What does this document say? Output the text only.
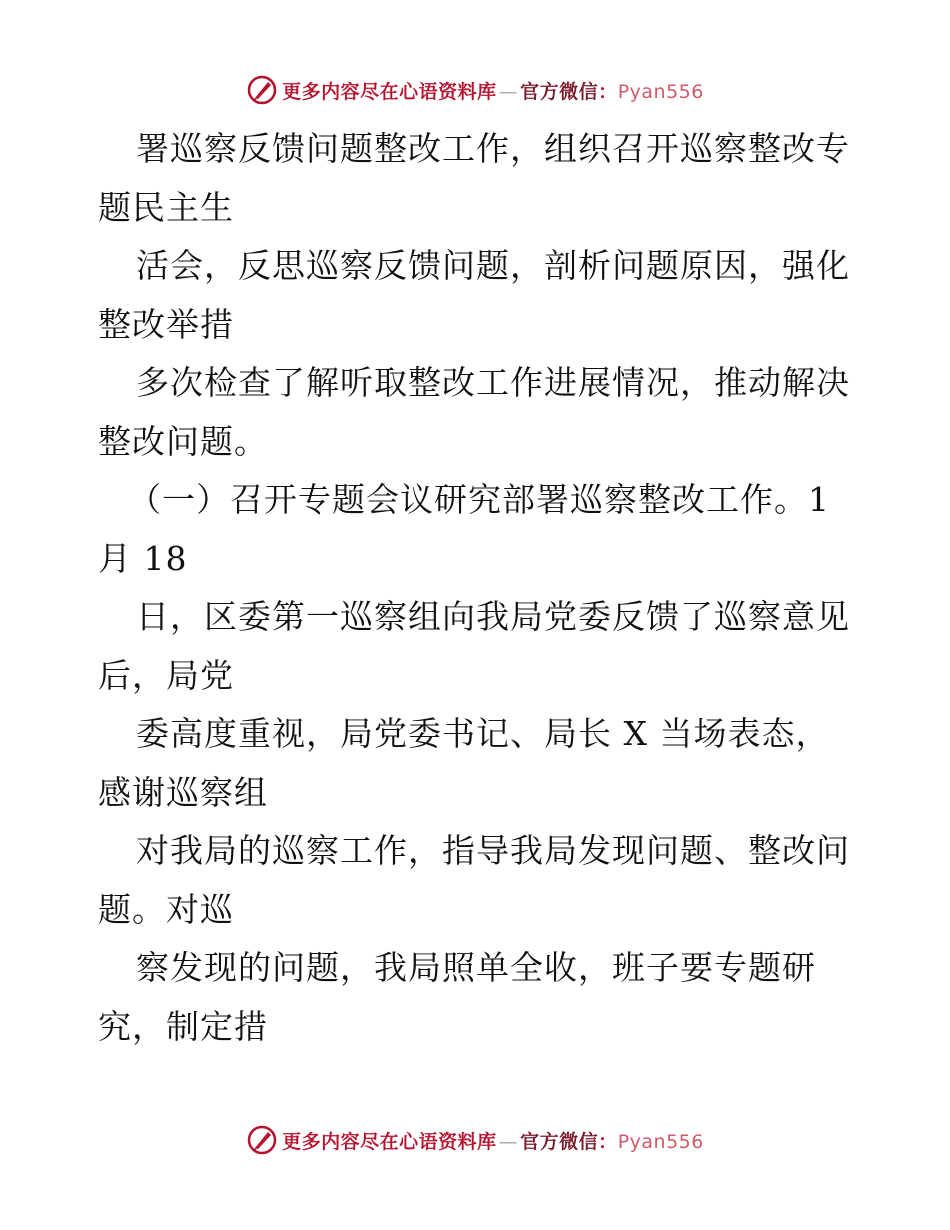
更多内容尽在心语资料库 — 官方微信：Pyan556
署巡察反馈问题整改工作，组织召开巡察整改专
题民主生
活会，反思巡察反馈问题，剖析问题原因，强化
整改举措
多次检查了解听取整改工作进展情况，推动解决
整改问题。
（一）召开专题会议研究部署巡察整改工作。1
月 18
日，区委第一巡察组向我局党委反馈了巡察意见
后，局党
委高度重视，局党委书记、局长 X 当场表态，
感谢巡察组
对我局的巡察工作，指导我局发现问题、整改问
题。对巡
察发现的问题，我局照单全收，班子要专题研
究，制定措
更多内容尽在心语资料库 — 官方微信：Pyan556
